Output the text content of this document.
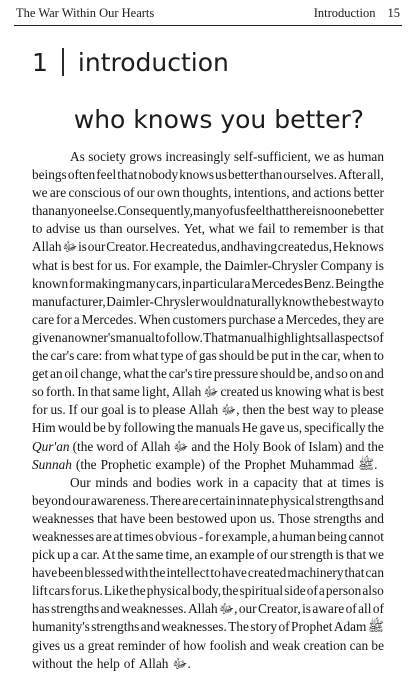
The War Within Our Hearts	Introduction 15
1 introduction
who knows you better?
As society grows increasingly self-sufficient, we as human
beings often feel that nobody knows us better than ourselves. After all,
we are conscious of our own thoughts, intentions, and actions better
than anyone else. Consequently, many of us feel that there is no one better
to advise us than ourselves. Yet, what we fail to remember is that
Allah ﷻ is our Creator. He created us, and having created us, He knows
what is best for us. For example, the Daimler-Chrysler Company is
known for making many cars, in particular a Mercedes Benz. Being the
manufacturer, Daimler-Chrysler would naturally know the best way to
care for a Mercedes. When customers purchase a Mercedes, they are
given an owner's manual to follow. That manual highlights all aspects of
the car's care: from what type of gas should be put in the car, when to
get an oil change, what the car's tire pressure should be, and so on and
so forth. In that same light, Allah ﷻ created us knowing what is best
for us. If our goal is to please Allah ﷻ, then the best way to please
Him would be by following the manuals He gave us, specifically the
Qur'an (the word of Allah ﷻ and the Holy Book of Islam) and the
Sunnah (the Prophetic example) of the Prophet Muhammad ﷺ.
Our minds and bodies work in a capacity that at times is
beyond our awareness. There are certain innate physical strengths and
weaknesses that have been bestowed upon us. Those strengths and
weaknesses are at times obvious - for example, a human being cannot
pick up a car. At the same time, an example of our strength is that we
have been blessed with the intellect to have created machinery that can
lift cars for us. Like the physical body, the spiritual side of a person also
has strengths and weaknesses. Allah ﷻ, our Creator, is aware of all of
humanity's strengths and weaknesses. The story of Prophet Adam ﷺ
gives us a great reminder of how foolish and weak creation can be
without the help of Allah ﷻ.
